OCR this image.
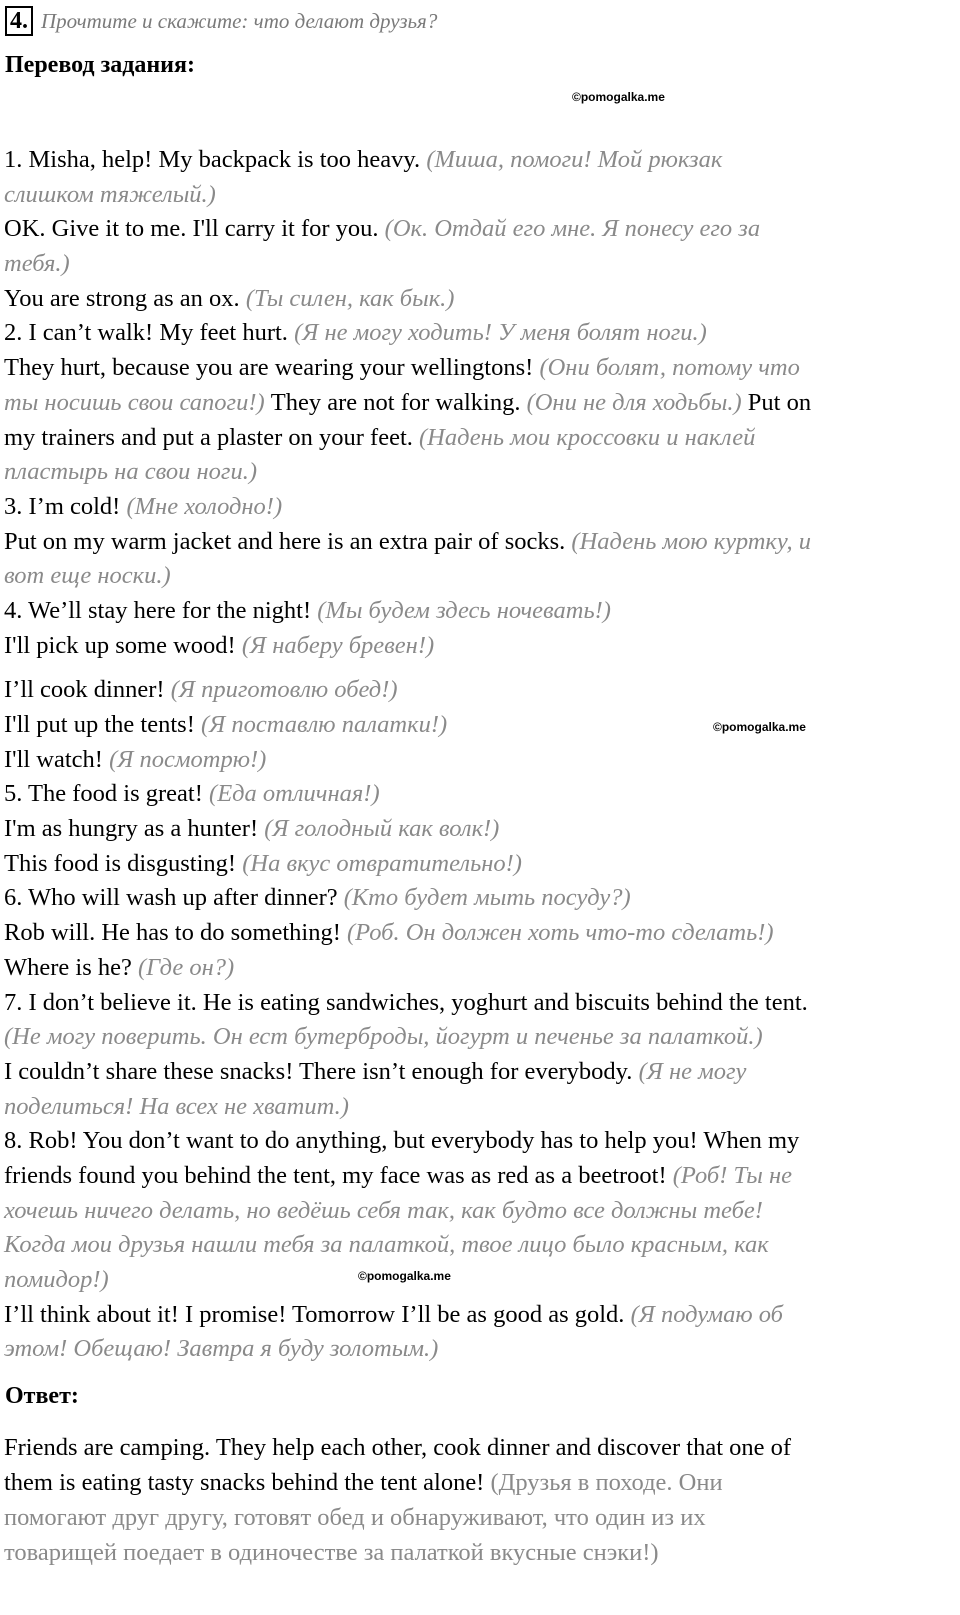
4. Прочтите и скажите: что делают друзья?
Перевод задания:
©pomogalka.me
©pomogalka.me
©pomogalka.me
1. Misha, help! My backpack is too heavy. (Миша, помоги! Мой рюкзак
слишком тяжелый.)
OK. Give it to me. I'll carry it for you. (Ок. Отдай его мне. Я понесу его за
тебя.)
You are strong as an ox. (Ты силен, как бык.)
2. I can’t walk! My feet hurt. (Я не могу ходить! У меня болят ноги.)
They hurt, because you are wearing your wellingtons! (Они болят, потому что
ты носишь свои сапоги!) They are not for walking. (Они не для ходьбы.) Put on
my trainers and put a plaster on your feet. (Надень мои кроссовки и наклей
пластырь на свои ноги.)
3. I’m cold! (Мне холодно!)
Put on my warm jacket and here is an extra pair of socks. (Надень мою куртку, и
вот еще носки.)
4. We’ll stay here for the night! (Мы будем здесь ночевать!)
I'll pick up some wood! (Я наберу бревен!)
I’ll cook dinner! (Я приготовлю обед!)
I'll put up the tents! (Я поставлю палатки!)
I'll watch! (Я посмотрю!)
5. The food is great! (Еда отличная!)
I'm as hungry as a hunter! (Я голодный как волк!)
This food is disgusting! (На вкус отвратительно!)
6. Who will wash up after dinner? (Кто будет мыть посуду?)
Rob will. He has to do something! (Роб. Он должен хоть что-то сделать!)
Where is he? (Где он?)
7. I don’t believe it. He is eating sandwiches, yoghurt and biscuits behind the tent.
(Не могу поверить. Он ест бутерброды, йогурт и печенье за палаткой.)
I couldn’t share these snacks! There isn’t enough for everybody. (Я не могу
поделиться! На всех не хватит.)
8. Rob! You don’t want to do anything, but everybody has to help you! When my
friends found you behind the tent, my face was as red as a beetroot! (Роб! Ты не
хочешь ничего делать, но ведёшь себя так, как будто все должны тебе!
Когда мои друзья нашли тебя за палаткой, твое лицо было красным, как
помидор!)
I’ll think about it! I promise! Tomorrow I’ll be as good as gold. (Я подумаю об
этом! Обещаю! Завтра я буду золотым.)
Ответ:
Friends are camping. They help each other, cook dinner and discover that one of
them is eating tasty snacks behind the tent alone! (Друзья в походе. Они
помогают друг другу, готовят обед и обнаруживают, что один из их
товарищей поедает в одиночестве за палаткой вкусные снэки!)
